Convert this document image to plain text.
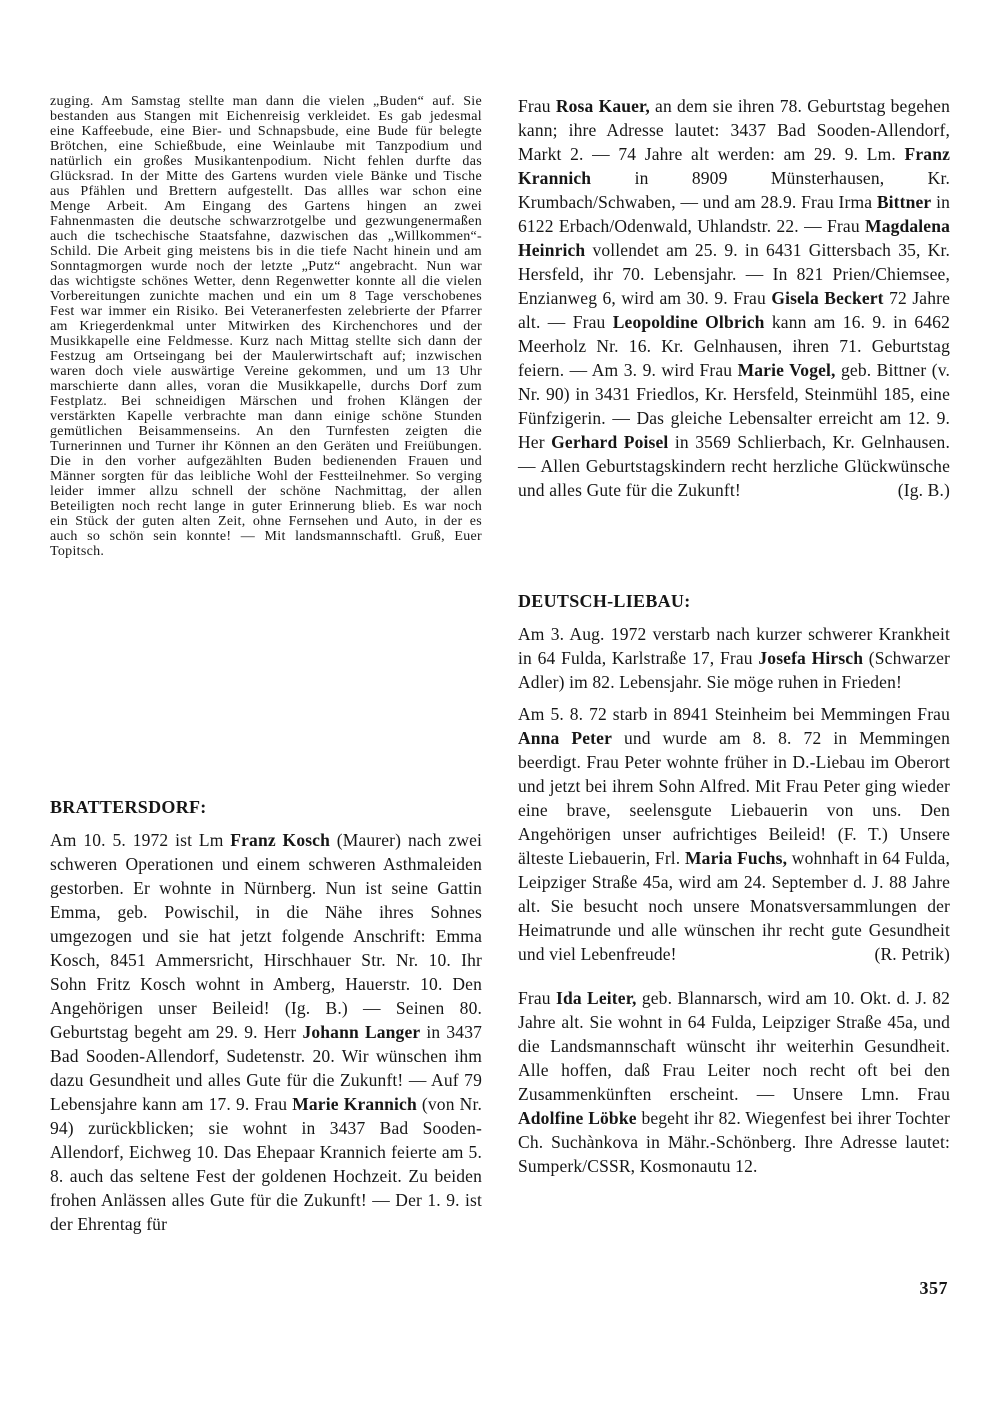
zuging. Am Samstag stellte man dann die vielen „Buden“ auf. Sie bestanden aus Stangen mit Eichenreisig verkleidet. Es gab jedesmal eine Kaffeebude, eine Bier- und Schnapsbude, eine Bude für belegte Brötchen, eine Schießbude, eine Weinlaube mit Tanzpodium und natürlich ein großes Musikantenpodium. Nicht fehlen durfte das Glücksrad. In der Mitte des Gartens wurden viele Bänke und Tische aus Pfählen und Brettern aufgestellt. Das allles war schon eine Menge Arbeit. Am Eingang des Gartens hingen an zwei Fahnenmasten die deutsche schwarzrotgelbe und gezwungenermaßen auch die tschechische Staatsfahne, dazwischen das „Willkommen“-Schild. Die Arbeit ging meistens bis in die tiefe Nacht hinein und am Sonntagmorgen wurde noch der letzte „Putz“ angebracht. Nun war das wichtigste schönes Wetter, denn Regenwetter konnte all die vielen Vorbereitungen zunichte machen und ein um 8 Tage verschobenes Fest war immer ein Risiko. Bei Veteranerfesten zelebrierte der Pfarrer am Kriegerdenkmal unter Mitwirken des Kirchenchores und der Musikkapelle eine Feldmesse. Kurz nach Mittag stellte sich dann der Festzug am Ortseingang bei der Maulerwirtschaft auf; inzwischen waren doch viele auswärtige Vereine gekommen, und um 13 Uhr marschierte dann alles, voran die Musikkapelle, durchs Dorf zum Festplatz. Bei schneidigen Märschen und frohen Klängen der verstärkten Kapelle verbrachte man dann einige schöne Stunden gemütlichen Beisammenseins. An den Turnfesten zeigten die Turnerinnen und Turner ihr Können an den Geräten und Freiübungen. Die in den vorher aufgezählten Buden bedienenden Frauen und Männer sorgten für das leibliche Wohl der Festteilnehmer. So verging leider immer allzu schnell der schöne Nachmittag, der allen Beteiligten noch recht lange in guter Erinnerung blieb. Es war noch ein Stück der guten alten Zeit, ohne Fernsehen und Auto, in der es auch so schön sein konnte! — Mit landsmannschaftl. Gruß, Euer Topitsch.

BRATTERSDORF:

Am 10. 5. 1972 ist Lm Franz Kosch (Maurer) nach zwei schweren Operationen und einem schweren Asthmaleiden gestorben. Er wohnte in Nürnberg. Nun ist seine Gattin Emma, geb. Powischil, in die Nähe ihres Sohnes umgezogen und sie hat jetzt folgende Anschrift: Emma Kosch, 8451 Ammersricht, Hirschhauer Str. Nr. 10. Ihr Sohn Fritz Kosch wohnt in Amberg, Hauerstr. 10. Den Angehörigen unser Beileid! (Ig. B.) — Seinen 80. Geburtstag begeht am 29. 9. Herr Johann Langer in 3437 Bad Sooden-Allendorf, Sudetenstr. 20. Wir wünschen ihm dazu Gesundheit und alles Gute für die Zukunft! — Auf 79 Lebensjahre kann am 17. 9. Frau Marie Krannich (von Nr. 94) zurückblicken; sie wohnt in 3437 Bad Sooden-Allendorf, Eichweg 10. Das Ehepaar Krannich feierte am 5. 8. auch das seltene Fest der goldenen Hochzeit. Zu beiden frohen Anlässen alles Gute für die Zukunft! — Der 1. 9. ist der Ehrentag für

Frau Rosa Kauer, an dem sie ihren 78. Geburtstag begehen kann; ihre Adresse lautet: 3437 Bad Sooden-Allendorf, Markt 2. — 74 Jahre alt werden: am 29. 9. Lm. Franz Krannich in 8909 Münsterhausen, Kr. Krumbach/Schwaben, — und am 28.9. Frau Irma Bittner in 6122 Erbach/Odenwald, Uhlandstr. 22. — Frau Magdalena Heinrich vollendet am 25. 9. in 6431 Gittersbach 35, Kr. Hersfeld, ihr 70. Lebensjahr. — In 821 Prien/Chiemsee, Enzianweg 6, wird am 30. 9. Frau Gisela Beckert 72 Jahre alt. — Frau Leopoldine Olbrich kann am 16. 9. in 6462 Meerholz Nr. 16. Kr. Gelnhausen, ihren 71. Geburtstag feiern. — Am 3. 9. wird Frau Marie Vogel, geb. Bittner (v. Nr. 90) in 3431 Friedlos, Kr. Hersfeld, Steinmühl 185, eine Fünfzigerin. — Das gleiche Lebensalter erreicht am 12. 9. Her Gerhard Poisel in 3569 Schlierbach, Kr. Gelnhausen. — Allen Geburtstagskindern recht herzliche Glückwünsche und alles Gute für die Zukunft!	(Ig. B.)

DEUTSCH-LIEBAU:

Am 3. Aug. 1972 verstarb nach kurzer schwerer Krankheit in 64 Fulda, Karlstraße 17, Frau Josefa Hirsch (Schwarzer Adler) im 82. Lebensjahr. Sie möge ruhen in Frieden!

Am 5. 8. 72 starb in 8941 Steinheim bei Memmingen Frau Anna Peter und wurde am 8. 8. 72 in Memmingen beerdigt. Frau Peter wohnte früher in D.-Liebau im Oberort und jetzt bei ihrem Sohn Alfred. Mit Frau Peter ging wieder eine brave, seelensgute Liebauerin von uns. Den Angehörigen unser aufrichtiges Beileid! (F. T.) Unsere älteste Liebauerin, Frl. Maria Fuchs, wohnhaft in 64 Fulda, Leipziger Straße 45a, wird am 24. September d. J. 88 Jahre alt. Sie besucht noch unsere Monatsversammlungen der Heimatrunde und alle wünschen ihr recht gute Gesundheit und viel Lebenfreude!	(R. Petrik)

Frau Ida Leiter, geb. Blannarsch, wird am 10. Okt. d. J. 82 Jahre alt. Sie wohnt in 64 Fulda, Leipziger Straße 45a, und die Landsmannschaft wünscht ihr weiterhin Gesundheit. Alle hoffen, daß Frau Leiter noch recht oft bei den Zusammenkünften erscheint. — Unsere Lmn. Frau Adolfine Löbke begeht ihr 82. Wiegenfest bei ihrer Tochter Ch. Suchànkova in Mähr.-Schönberg. Ihre Adresse lautet: Sumperk/CSSR, Kosmonautu 12.

357
